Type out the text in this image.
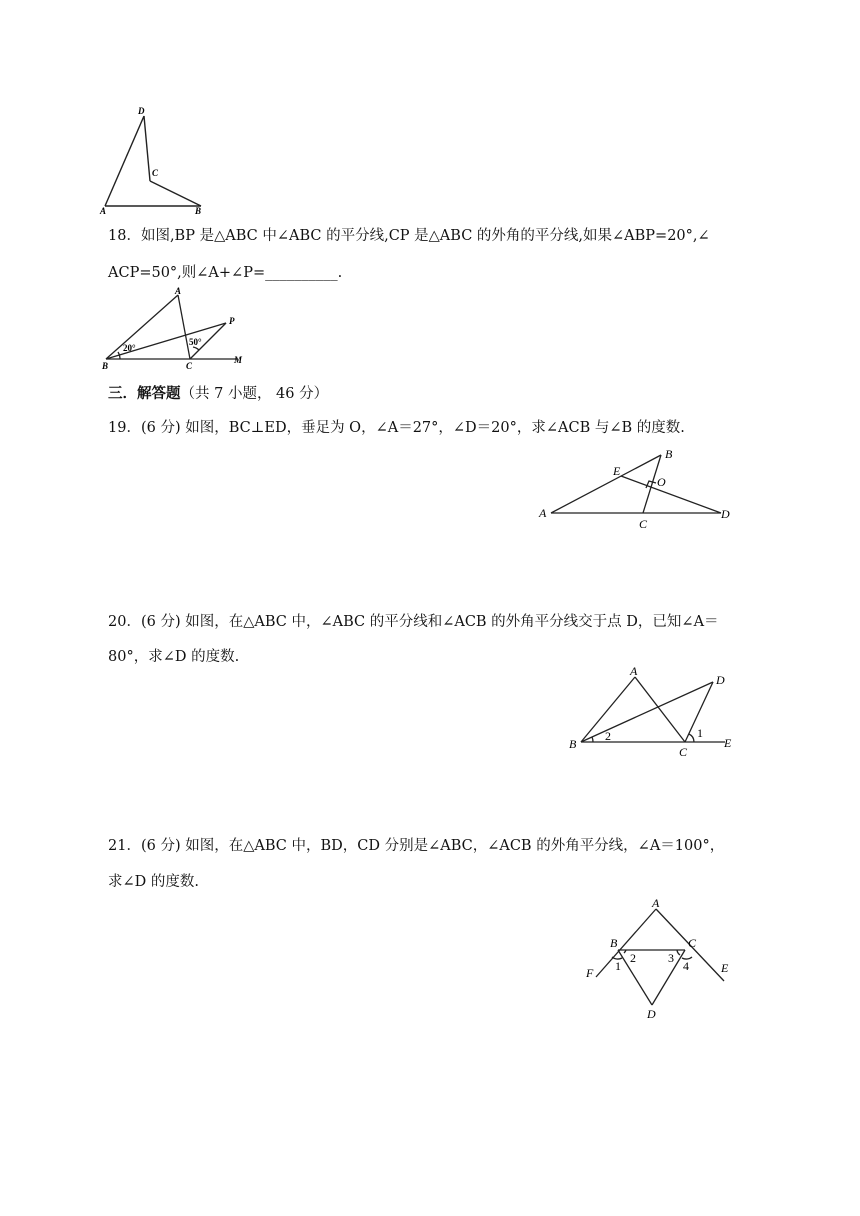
A	B
C
D
18．如图,BP 是△ABC 中∠ABC 的平分线,CP 是△ABC 的外角的平分线,如果∠ABP=20°,∠
ACP=50°,则∠A+∠P=__________.
B	C
A
P
M
20°
50°
三．解答题（共 7 小题， 46 分）
19．(6 分) 如图，BC⊥ED，垂足为 O，∠A＝27°，∠D＝20°，求∠ACB 与∠B 的度数.
A
B
C
D
E
O
20．(6 分) 如图，在△ABC 中，∠ABC 的平分线和∠ACB 的外角平分线交于点 D，已知∠A＝
80°，求∠D 的度数.
B
A
C
D
E
2	1
21．(6 分) 如图，在△ABC 中，BD，CD 分别是∠ABC，∠ACB 的外角平分线，∠A＝100°，
求∠D 的度数.
A
B	C
D
E
F 1
2	3
4
